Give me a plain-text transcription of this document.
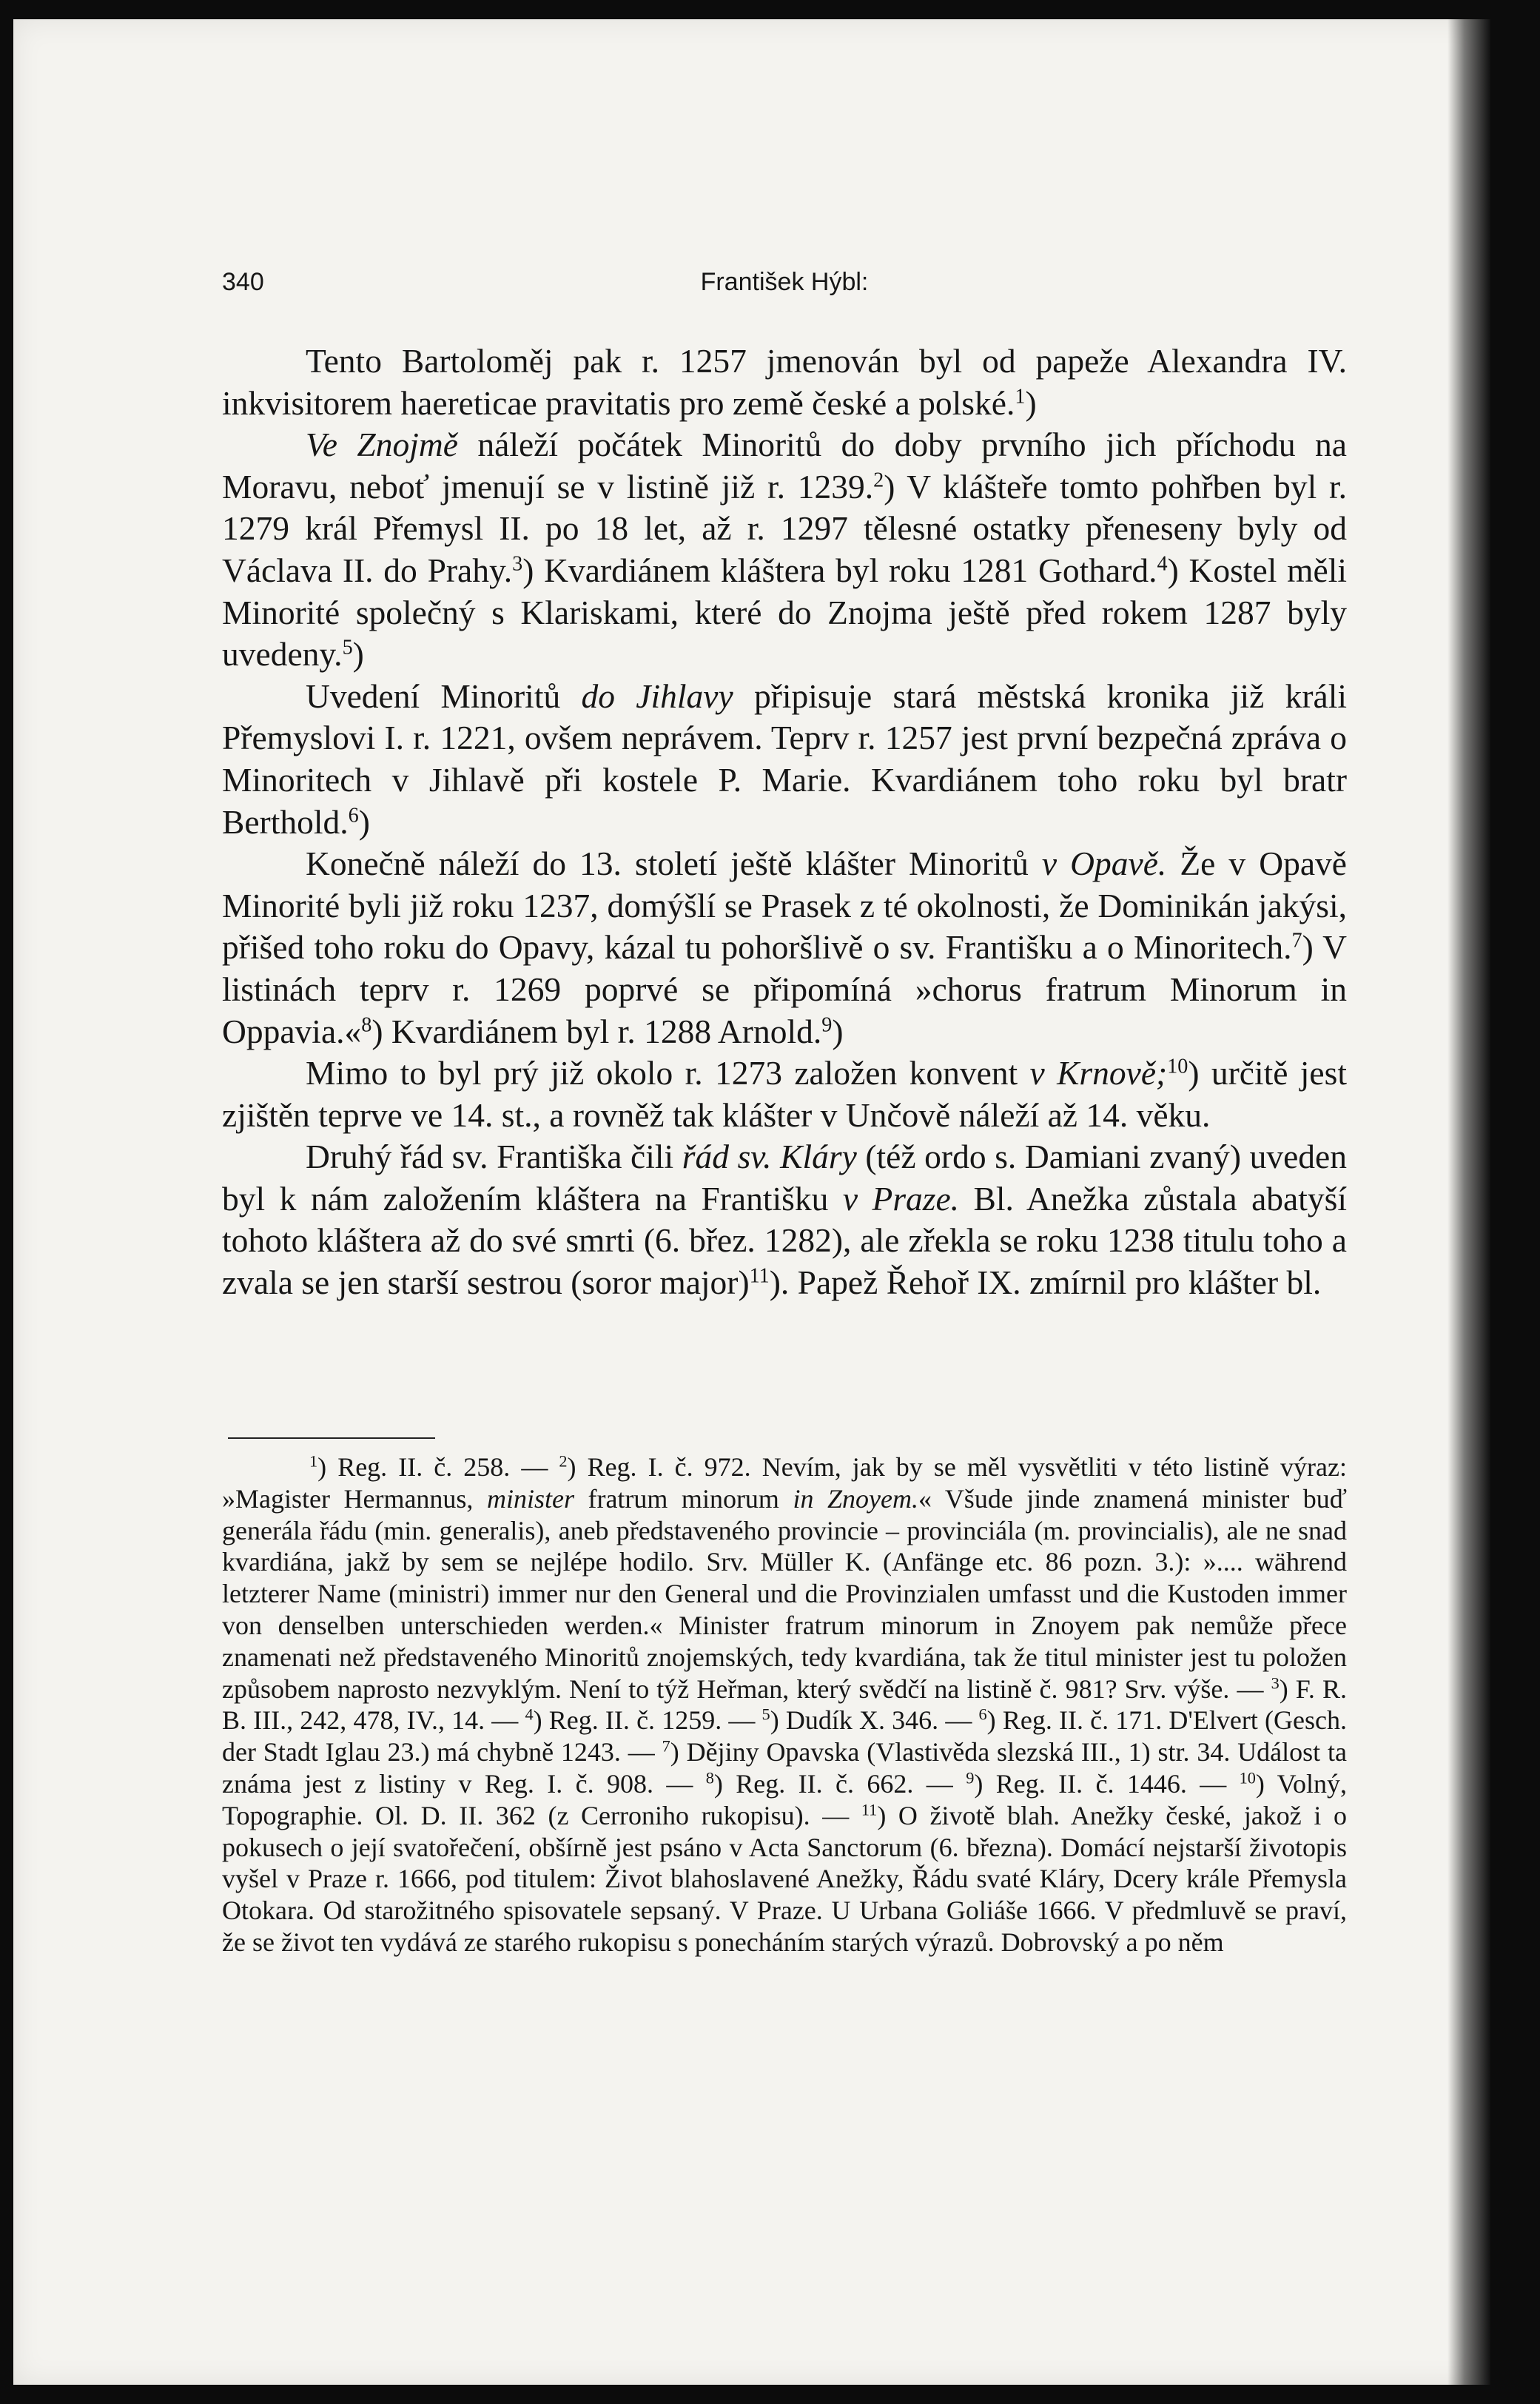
340	František Hýbl:

Tento Bartoloměj pak r. 1257 jmenován byl od papeže Alexandra IV. inkvisitorem haereticae pravitatis pro země české a polské.$^1$)

Ve Znojmě náleží počátek Minoritů do doby prvního jich příchodu na Moravu, neboť jmenují se v listině již r. 1239.$^2$) V klášteře tomto pohřben byl r. 1279 král Přemysl II. po 18 let, až r. 1297 tělesné ostatky přeneseny byly od Václava II. do Prahy.$^3$) Kvardiánem kláštera byl roku 1281 Gothard.$^4$) Kostel měli Minorité společný s Klariskami, které do Znojma ještě před rokem 1287 byly uvedeny.$^5$)

Uvedení Minoritů do Jihlavy připisuje stará městská kronika již králi Přemyslovi I. r. 1221, ovšem neprávem. Teprv r. 1257 jest první bezpečná zpráva o Minoritech v Jihlavě při kostele P. Marie. Kvardiánem toho roku byl bratr Berthold.$^6$)

Konečně náleží do 13. století ještě klášter Minoritů v Opavě. Že v Opavě Minorité byli již roku 1237, domýšlí se Prasek z té okolnosti, že Dominikán jakýsi, přišed toho roku do Opavy, kázal tu pohoršlivě o sv. Františku a o Minoritech.$^7$) V listinách teprv r. 1269 poprvé se připomíná »chorus fratrum Minorum in Oppavia.«$^8$) Kvardiánem byl r. 1288 Arnold.$^9$)

Mimo to byl prý již okolo r. 1273 založen konvent v Krnově;$^{10}$) určitě jest zjištěn teprve ve 14. st., a rovněž tak klášter v Unčově náleží až 14. věku.

Druhý řád sv. Františka čili řád sv. Kláry (též ordo s. Damiani zvaný) uveden byl k nám založením kláštera na Františku v Praze. Bl. Anežka zůstala abatyší tohoto kláštera až do své smrti (6. břez. 1282), ale zřekla se roku 1238 titulu toho a zvala se jen starší sestrou (soror major)$^{11}$). Papež Řehoř IX. zmírnil pro klášter bl.

$^1$) Reg. II. č. 258. — $^2$) Reg. I. č. 972. Nevím, jak by se měl vysvětliti v této listině výraz: »Magister Hermannus, minister fratrum minorum in Znoyem.« Všude jinde znamená minister buď generála řádu (min. generalis), aneb představeného provincie – provinciála (m. provincialis), ale ne snad kvardiána, jakž by sem se nejlépe hodilo. Srv. Müller K. (Anfänge etc. 86 pozn. 3.): ».... während letzterer Name (ministri) immer nur den General und die Provinzialen umfasst und die Kustoden immer von denselben unterschieden werden.« Minister fratrum minorum in Znoyem pak nemůže přece znamenati než představeného Minoritů znojemských, tedy kvardiána, tak že titul minister jest tu položen způsobem naprosto nezvyklým. Není to týž Heřman, který svědčí na listině č. 981? Srv. výše. — $^3$) F. R. B. III., 242, 478, IV., 14. — $^4$) Reg. II. č. 1259. — $^5$) Dudík X. 346. — $^6$) Reg. II. č. 171. D'Elvert (Gesch. der Stadt Iglau 23.) má chybně 1243. — $^7$) Dějiny Opavska (Vlastivěda slezská III., 1) str. 34. Událost ta známa jest z listiny v Reg. I. č. 908. — $^8$) Reg. II. č. 662. — $^9$) Reg. II. č. 1446. — $^{10}$) Volný, Topographie. Ol. D. II. 362 (z Cerroniho rukopisu). — $^{11}$) O životě blah. Anežky české, jakož i o pokusech o její svatořečení, obšírně jest psáno v Acta Sanctorum (6. března). Domácí nejstarší životopis vyšel v Praze r. 1666, pod titulem: Život blahoslavené Anežky, Řádu svaté Kláry, Dcery krále Přemysla Otokara. Od starožitného spisovatele sepsaný. V Praze. U Urbana Goliáše 1666. V předmluvě se praví, že se život ten vydává ze starého rukopisu s ponecháním starých výrazů. Dobrovský a po něm
